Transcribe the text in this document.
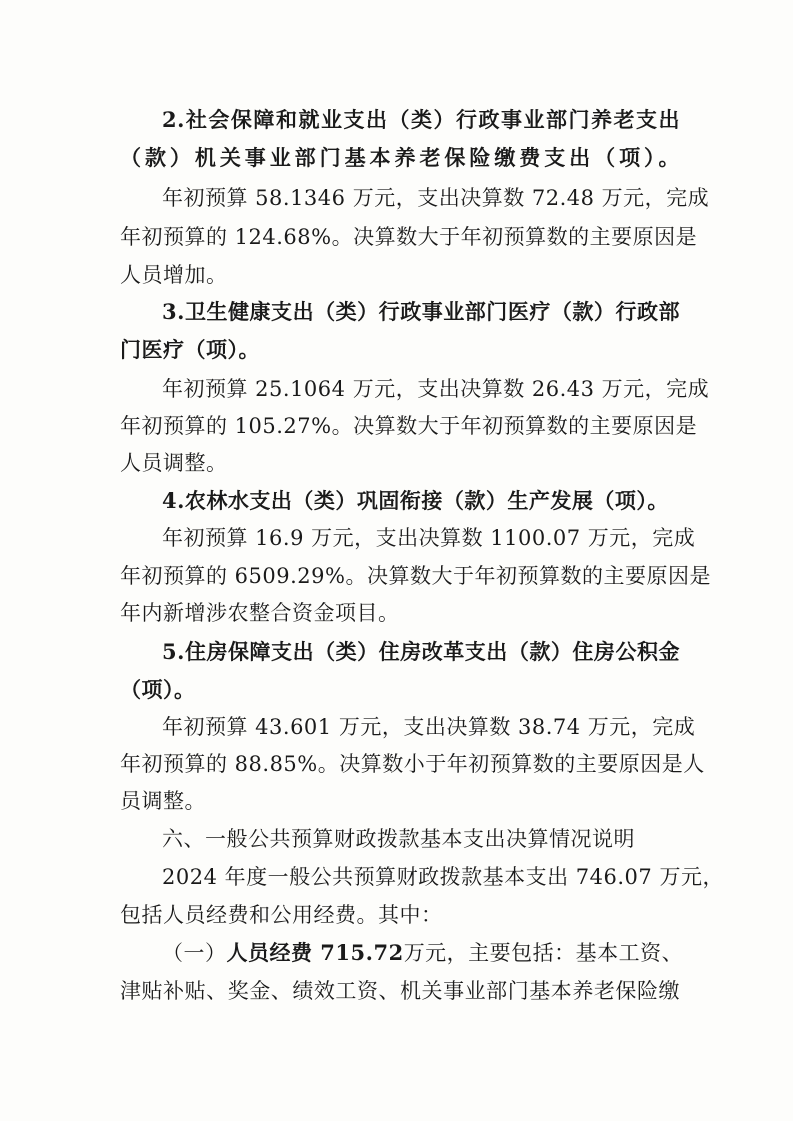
2.社会保障和就业支出（类）行政事业部门养老支出
（款）机关事业部门基本养老保险缴费支出（项）。
年初预算 58.1346 万元，支出决算数 72.48 万元，完成
年初预算的 124.68%。决算数大于年初预算数的主要原因是
人员增加。
3.卫生健康支出（类）行政事业部门医疗（款）行政部
门医疗（项）。
年初预算 25.1064 万元，支出决算数 26.43 万元，完成
年初预算的 105.27%。决算数大于年初预算数的主要原因是
人员调整。
4.农林水支出（类）巩固衔接（款）生产发展（项）。
年初预算 16.9 万元，支出决算数 1100.07 万元，完成
年初预算的 6509.29%。决算数大于年初预算数的主要原因是
年内新增涉农整合资金项目。
5.住房保障支出（类）住房改革支出（款）住房公积金
（项）。
年初预算 43.601 万元，支出决算数 38.74 万元，完成
年初预算的 88.85%。决算数小于年初预算数的主要原因是人
员调整。
六、一般公共预算财政拨款基本支出决算情况说明
2024 年度一般公共预算财政拨款基本支出 746.07 万元，
包括人员经费和公用经费。其中：
（一）人员经费 715.72万元，主要包括：基本工资、
津贴补贴、奖金、绩效工资、机关事业部门基本养老保险缴
